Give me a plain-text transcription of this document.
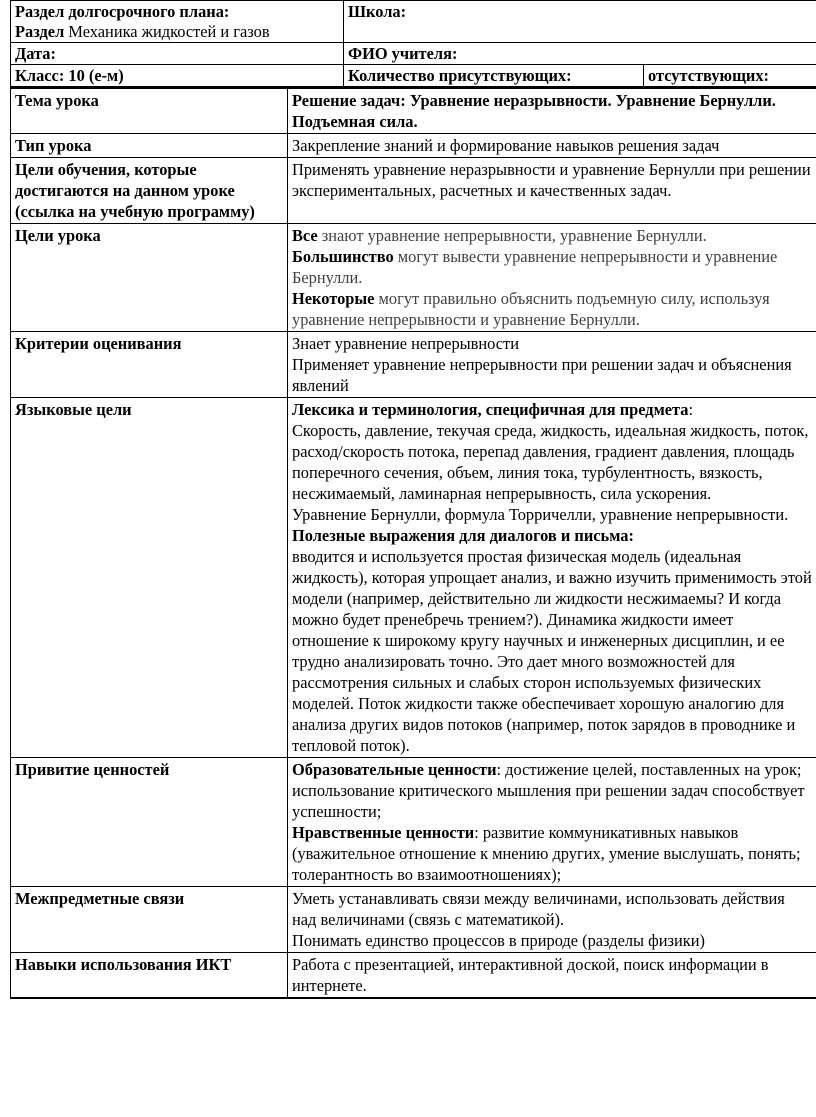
Раздел долгосрочного плана:
Раздел Механика жидкостей и газов	Школа:	
Дата:	ФИО учителя:	
Класс: 10 (е-м)	Количество присутствующих:	отсутствующих:
Тема урока	Решение задач: Уравнение неразрывности. Уравнение Бернулли. Подъемная сила.
Тип урока	Закрепление знаний и формирование навыков решения задач
Цели обучения, которые достигаются на данном уроке (ссылка на учебную программу)	Применять уравнение неразрывности и уравнение Бернулли при решении экспериментальных, расчетных и качественных задач.
Цели урока	Все знают уравнение непрерывности, уравнение Бернулли.
Большинство могут вывести уравнение непрерывности и уравнение Бернулли.
Некоторые могут правильно объяснить подъемную силу, используя уравнение непрерывности и уравнение Бернулли.

Критерии оценивания	Знает уравнение непрерывности
Применяет уравнение непрерывности при решении задач и объяснения явлений

Языковые цели	Лексика и терминология, специфичная для предмета:
Скорость, давление, текучая среда, жидкость, идеальная жидкость, поток, расход/скорость потока, перепад давления, градиент давления, площадь поперечного сечения, объем, линия тока, турбулентность, вязкость, несжимаемый, ламинарная непрерывность, сила ускорения.
Уравнение Бернулли, формула Торричелли, уравнение непрерывности.
Полезные выражения для диалогов и письма:
вводится и используется простая физическая модель (идеальная жидкость), которая упрощает анализ, и важно изучить применимость этой модели (например, действительно ли жидкости несжимаемы? И когда можно будет пренебречь трением?). Динамика жидкости имеет отношение к широкому кругу научных и инженерных дисциплин, и ее трудно анализировать точно. Это дает много возможностей для рассмотрения сильных и слабых сторон используемых физических моделей. Поток жидкости также обеспечивает хорошую аналогию для анализа других видов потоков (например, поток зарядов в проводнике и тепловой поток).

Привитие ценностей	Образовательные ценности: достижение целей, поставленных на урок; использование критического мышления при решении задач способствует успешности;
Нравственные ценности: развитие коммуникативных навыков (уважительное отношение к мнению других, умение выслушать, понять; толерантность во взаимоотношениях);

Межпредметные связи	Уметь устанавливать связи между величинами, использовать действия над величинами (связь с математикой).
Понимать единство процессов в природе (разделы физики)

Навыки использования ИКТ	Работа с презентацией, интерактивной доской, поиск информации в интернете.
